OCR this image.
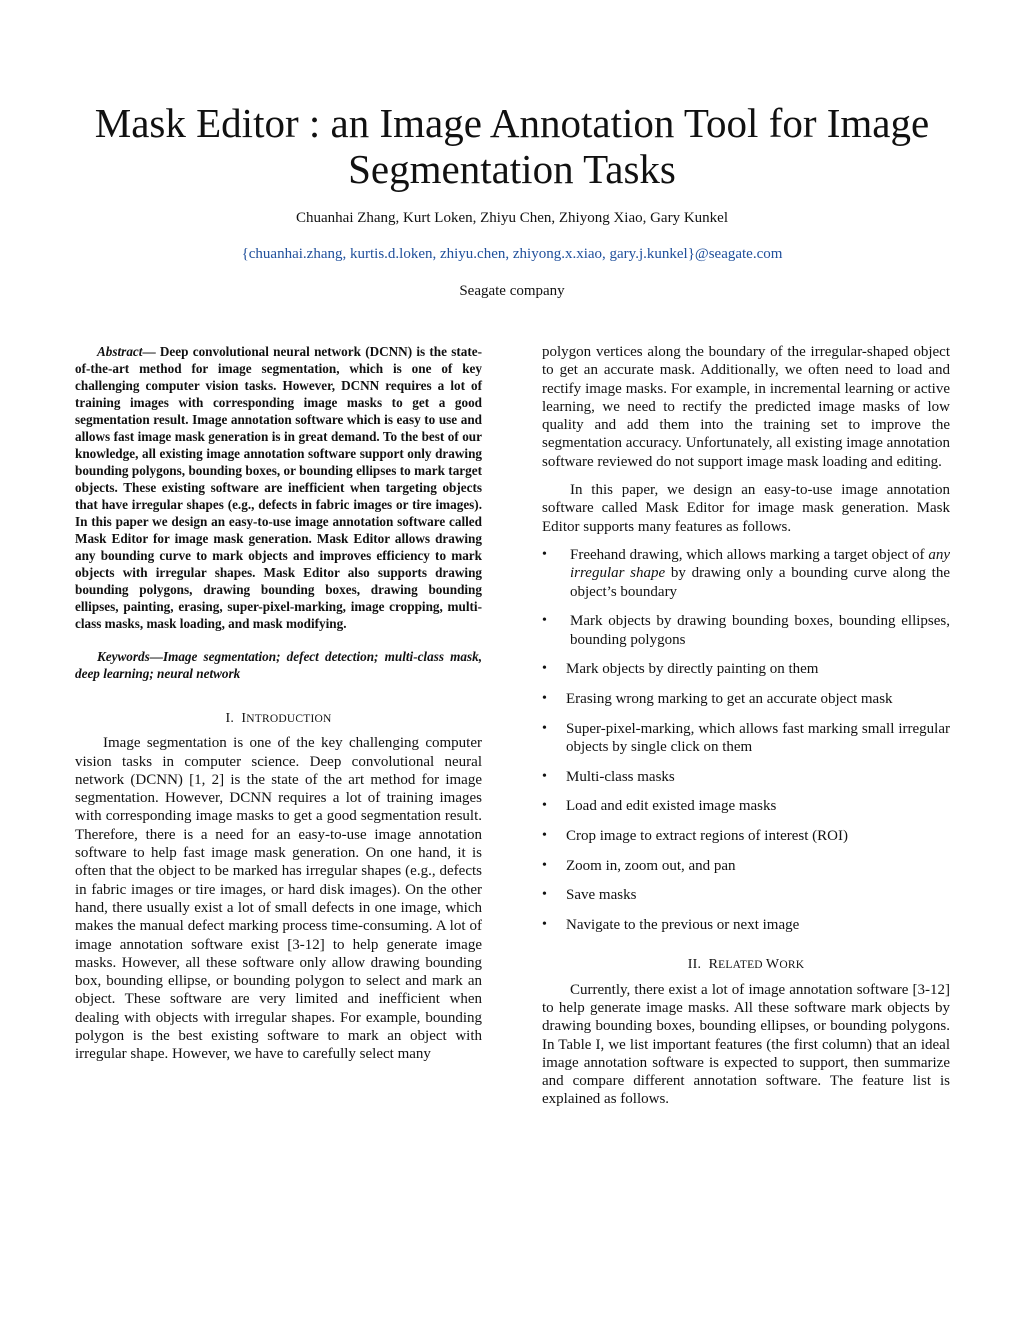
Mask Editor : an Image Annotation Tool for Image Segmentation Tasks
Chuanhai Zhang, Kurt Loken, Zhiyu Chen, Zhiyong Xiao, Gary Kunkel
{chuanhai.zhang, kurtis.d.loken, zhiyu.chen, zhiyong.x.xiao, gary.j.kunkel}@seagate.com
Seagate company

Abstract— Deep convolutional neural network (DCNN) is the state-of-the-art method for image segmentation, which is one of key challenging computer vision tasks. However, DCNN requires a lot of training images with corresponding image masks to get a good segmentation result. Image annotation software which is easy to use and allows fast image mask generation is in great demand. To the best of our knowledge, all existing image annotation software support only drawing bounding polygons, bounding boxes, or bounding ellipses to mark target objects. These existing software are inefficient when targeting objects that have irregular shapes (e.g., defects in fabric images or tire images). In this paper we design an easy-to-use image annotation software called Mask Editor for image mask generation. Mask Editor allows drawing any bounding curve to mark objects and improves efficiency to mark objects with irregular shapes. Mask Editor also supports drawing bounding polygons, drawing bounding boxes, drawing bounding ellipses, painting, erasing, super-pixel-marking, image cropping, multi-class masks, mask loading, and mask modifying.

Keywords—Image segmentation; defect detection; multi-class mask, deep learning; neural network

I. INTRODUCTION

Image segmentation is one of the key challenging computer vision tasks in computer science. Deep convolutional neural network (DCNN) [1, 2] is the state of the art method for image segmentation. However, DCNN requires a lot of training images with corresponding image masks to get a good segmentation result. Therefore, there is a need for an easy-to-use image annotation software to help fast image mask generation. On one hand, it is often that the object to be marked has irregular shapes (e.g., defects in fabric images or tire images, or hard disk images). On the other hand, there usually exist a lot of small defects in one image, which makes the manual defect marking process time-consuming. A lot of image annotation software exist [3-12] to help generate image masks. However, all these software only allow drawing bounding box, bounding ellipse, or bounding polygon to select and mark an object. These software are very limited and inefficient when dealing with objects with irregular shapes. For example, bounding polygon is the best existing software to mark an object with irregular shape. However, we have to carefully select many

polygon vertices along the boundary of the irregular-shaped object to get an accurate mask. Additionally, we often need to load and rectify image masks. For example, in incremental learning or active learning, we need to rectify the predicted image masks of low quality and add them into the training set to improve the segmentation accuracy. Unfortunately, all existing image annotation software reviewed do not support image mask loading and editing.

In this paper, we design an easy-to-use image annotation software called Mask Editor for image mask generation. Mask Editor supports many features as follows.

• Freehand drawing, which allows marking a target object of any irregular shape by drawing only a bounding curve along the object’s boundary
• Mark objects by drawing bounding boxes, bounding ellipses, bounding polygons
• Mark objects by directly painting on them
• Erasing wrong marking to get an accurate object mask
• Super-pixel-marking, which allows fast marking small irregular objects by single click on them
• Multi-class masks
• Load and edit existed image masks
• Crop image to extract regions of interest (ROI)
• Zoom in, zoom out, and pan
• Save masks
• Navigate to the previous or next image
II. RELATED WORK

Currently, there exist a lot of image annotation software [3-12] to help generate image masks. All these software mark objects by drawing bounding boxes, bounding ellipses, or bounding polygons. In Table I, we list important features (the first column) that an ideal image annotation software is expected to support, then summarize and compare different annotation software. The feature list is explained as follows.
